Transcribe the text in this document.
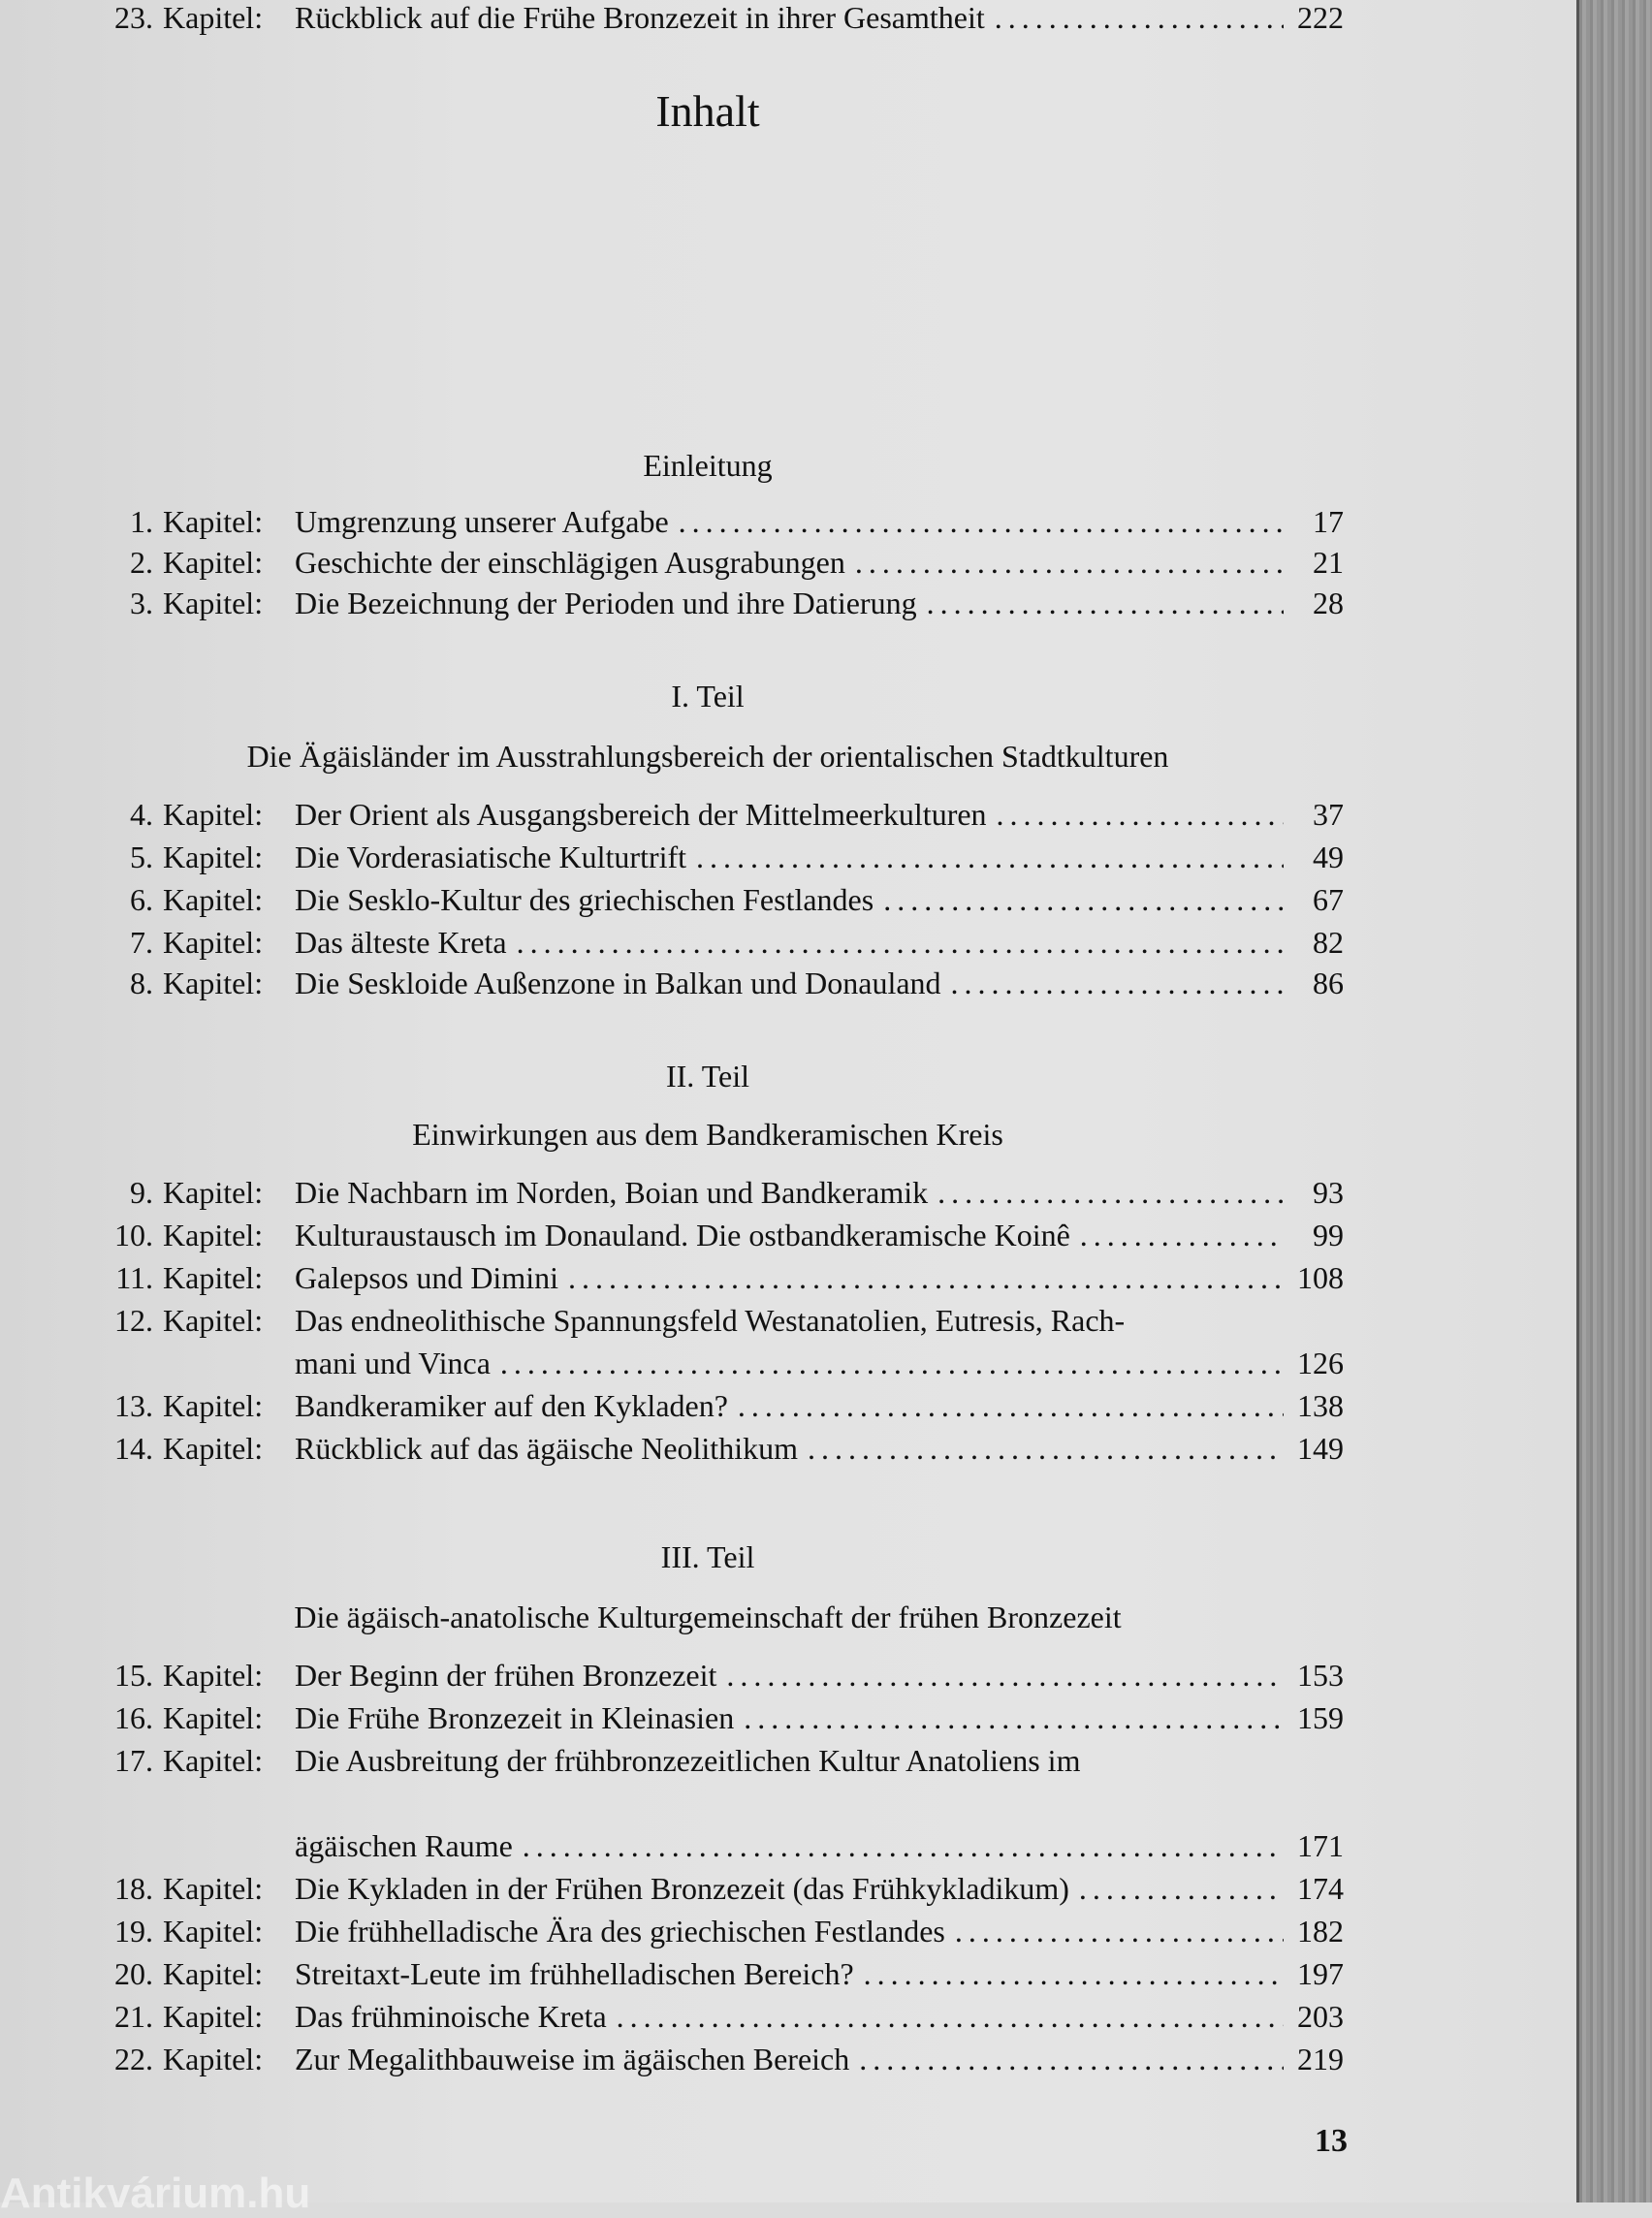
Inhalt
Einleitung
1. Kapitel:	Umgrenzung unserer Aufgabe .....	17
2. Kapitel:	Geschichte der einschlägigen Ausgrabungen .....	21
3. Kapitel:	Die Bezeichnung der Perioden und ihre Datierung .....	28
I. Teil
Die Ägäisländer im Ausstrahlungsbereich der orientalischen Stadtkulturen
4. Kapitel:	Der Orient als Ausgangsbereich der Mittelmeerkulturen .....	37
5. Kapitel:	Die Vorderasiatische Kulturtrift .....	49
6. Kapitel:	Die Sesklo-Kultur des griechischen Festlandes .....	67
7. Kapitel:	Das älteste Kreta .....	82
8. Kapitel:	Die Seskloide Außenzone in Balkan und Donauland .....	86
II. Teil
Einwirkungen aus dem Bandkeramischen Kreis
9. Kapitel:	Die Nachbarn im Norden, Boian und Bandkeramik .....	93
10. Kapitel:	Kulturaustausch im Donauland. Die ostbandkeramische Koinê .....	99
11. Kapitel:	Galepsos und Dimini .....	108
12. Kapitel:	Das endneolithische Spannungsfeld Westanatolien, Eutresis, Rach-
mani und Vinca .....	126
13. Kapitel:	Bandkeramiker auf den Kykladen? .....	138
14. Kapitel:	Rückblick auf das ägäische Neolithikum .....	149
III. Teil
Die ägäisch-anatolische Kulturgemeinschaft der frühen Bronzezeit
15. Kapitel:	Der Beginn der frühen Bronzezeit .....	153
16. Kapitel:	Die Frühe Bronzezeit in Kleinasien .....	159
17. Kapitel:	Die Ausbreitung der frühbronzezeitlichen Kultur Anatoliens im
ägäischen Raume .....	171
18. Kapitel:	Die Kykladen in der Frühen Bronzezeit (das Frühkykladikum) .....	174
19. Kapitel:	Die frühhelladische Ära des griechischen Festlandes .....	182
20. Kapitel:	Streitaxt-Leute im frühhelladischen Bereich? .....	197
21. Kapitel:	Das frühminoische Kreta .....	203
22. Kapitel:	Zur Megalithbauweise im ägäischen Bereich .....	219
23. Kapitel:	Rückblick auf die Frühe Bronzezeit in ihrer Gesamtheit .....	222
13
Antikvárium.hu
